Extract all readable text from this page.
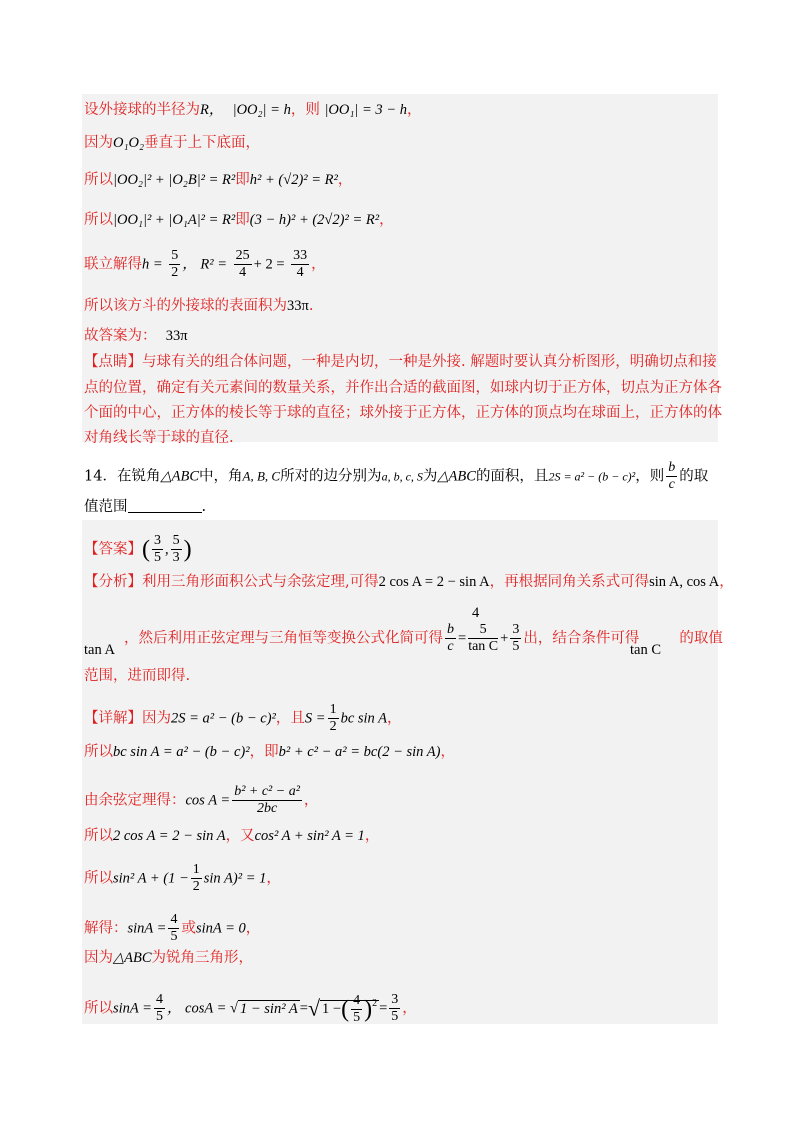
设外接球的半径为R， |OO₂| = h，则 |OO₁| = 3 − h，
因为O₁O₂垂直于上下底面，
所以|OO₂|² + |O₂B|² = R²即h² + (√2)² = R²，
所以|OO₁|² + |O₁A|² = R²即(3 − h)² + (2√2)² = R²，
联立解得$h = \frac{5}{2}$ ， $R^2 = \frac{25}{4} + 2 = \frac{33}{4}$ ，
所以该方斗的外接球的表面积为33π.
故答案为： 33π
【点睛】与球有关的组合体问题，一种是内切，一种是外接. 解题时要认真分析图形，明确切点和接
点的位置，确定有关元素间的数量关系，并作出合适的截面图，如球内切于正方体，切点为正方体各
个面的中心，正方体的棱长等于球的直径；球外接于正方体，正方体的顶点均在球面上，正方体的体
对角线长等于球的直径.
14．在锐角△ABC中，角A, B, C所对的边分别为a, b, c, S为△ABC的面积，且2S = a² − (b − c)²，则 $\frac{b}{c}$ 的取
值范围	.
【答案】( $\frac{3}{5}$ , $\frac{5}{3}$ )
【分析】利用三角形面积公式与余弦定理,可得2 cos A = 2 − sin A，再根据同角关系式可得sin A, cos A，
4
，然后利用正弦定理与三角恒等变换公式化简可得 $\frac{b}{c} = \frac{5}{\text{tan C}} + \frac{3}{5}$ 出，结合条件可得	的取值
tan A	tan C
范围，进而即得.
【详解】因为2S = a² − (b − c)²，且$S = \frac{1}{2}$ bc sin A，
所以bc sin A = a² − (b − c)²，即b² + c² − a² = bc(2 − sin A)，
由余弦定理得：$\cos A = \frac{\text{b² + c² − a²}}{2bc}$ ，
所以2 cos A = 2 − sin A，又cos² A + sin² A = 1，
所以sin² $A + (1 - \frac{1}{2}$ sin A)² = 1，
解得：$\sin A = \frac{4}{5}$ 或sinA = 0，
因为△ABC为锐角三角形，
所以$\sin A = \frac{4}{5}$ ， cosA = √ 1 − sin² A =√ 1 −( $\frac{4}{5} )^2 = \frac{3}{5}$ ，
